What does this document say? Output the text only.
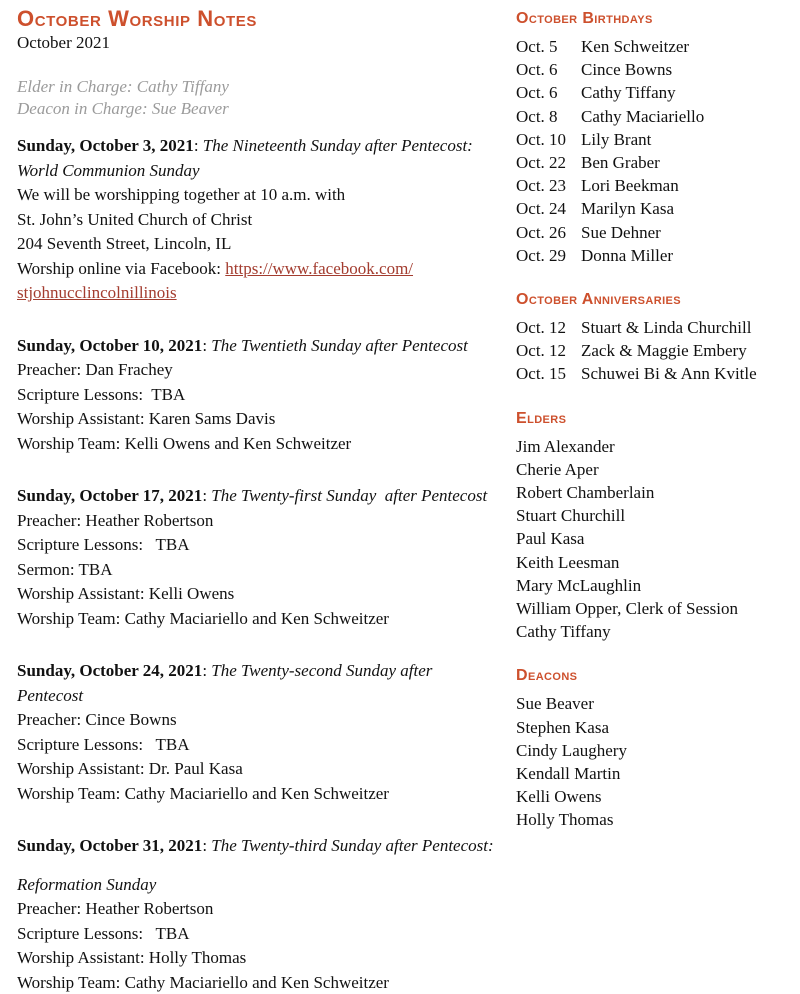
October Worship Notes
October 2021
Elder in Charge: Cathy Tiffany
Deacon in Charge: Sue Beaver
Sunday, October 3, 2021: The Nineteenth Sunday after Pentecost:
World Communion Sunday
We will be worshipping together at 10 a.m. with
St. John’s United Church of Christ
204 Seventh Street, Lincoln, IL
Worship online via Facebook: https://www.facebook.com/
stjohnucclincolnillinois
Sunday, October 10, 2021: The Twentieth Sunday after Pentecost
Preacher: Dan Frachey
Scripture Lessons:  TBA
Worship Assistant: Karen Sams Davis
Worship Team: Kelli Owens and Ken Schweitzer
Sunday, October 17, 2021: The Twenty-first Sunday  after Pentecost
Preacher: Heather Robertson
Scripture Lessons:   TBA
Sermon: TBA
Worship Assistant: Kelli Owens
Worship Team: Cathy Maciariello and Ken Schweitzer
Sunday, October 24, 2021: The Twenty-second Sunday after
Pentecost
Preacher: Cince Bowns
Scripture Lessons:   TBA
Worship Assistant: Dr. Paul Kasa
Worship Team: Cathy Maciariello and Ken Schweitzer
Sunday, October 31, 2021: The Twenty-third Sunday after Pentecost:
Reformation Sunday
Preacher: Heather Robertson
Scripture Lessons:   TBA
Worship Assistant: Holly Thomas
Worship Team: Cathy Maciariello and Ken Schweitzer
October Birthdays
Oct. 5	Ken Schweitzer
Oct. 6	Cince Bowns
Oct. 6	Cathy Tiffany
Oct. 8	Cathy Maciariello
Oct. 10 Lily Brant
Oct. 22 Ben Graber
Oct. 23 Lori Beekman
Oct. 24 Marilyn Kasa
Oct. 26 Sue Dehner
Oct. 29 Donna Miller
October Anniversaries
Oct. 12 Stuart & Linda Churchill
Oct. 12 Zack & Maggie Embery
Oct. 15 Schuwei Bi & Ann Kvitle
Elders
Jim Alexander
Cherie Aper
Robert Chamberlain
Stuart Churchill
Paul Kasa
Keith Leesman
Mary McLaughlin
William Opper, Clerk of Session
Cathy Tiffany
Deacons
Sue Beaver
Stephen Kasa
Cindy Laughery
Kendall Martin
Kelli Owens
Holly Thomas
